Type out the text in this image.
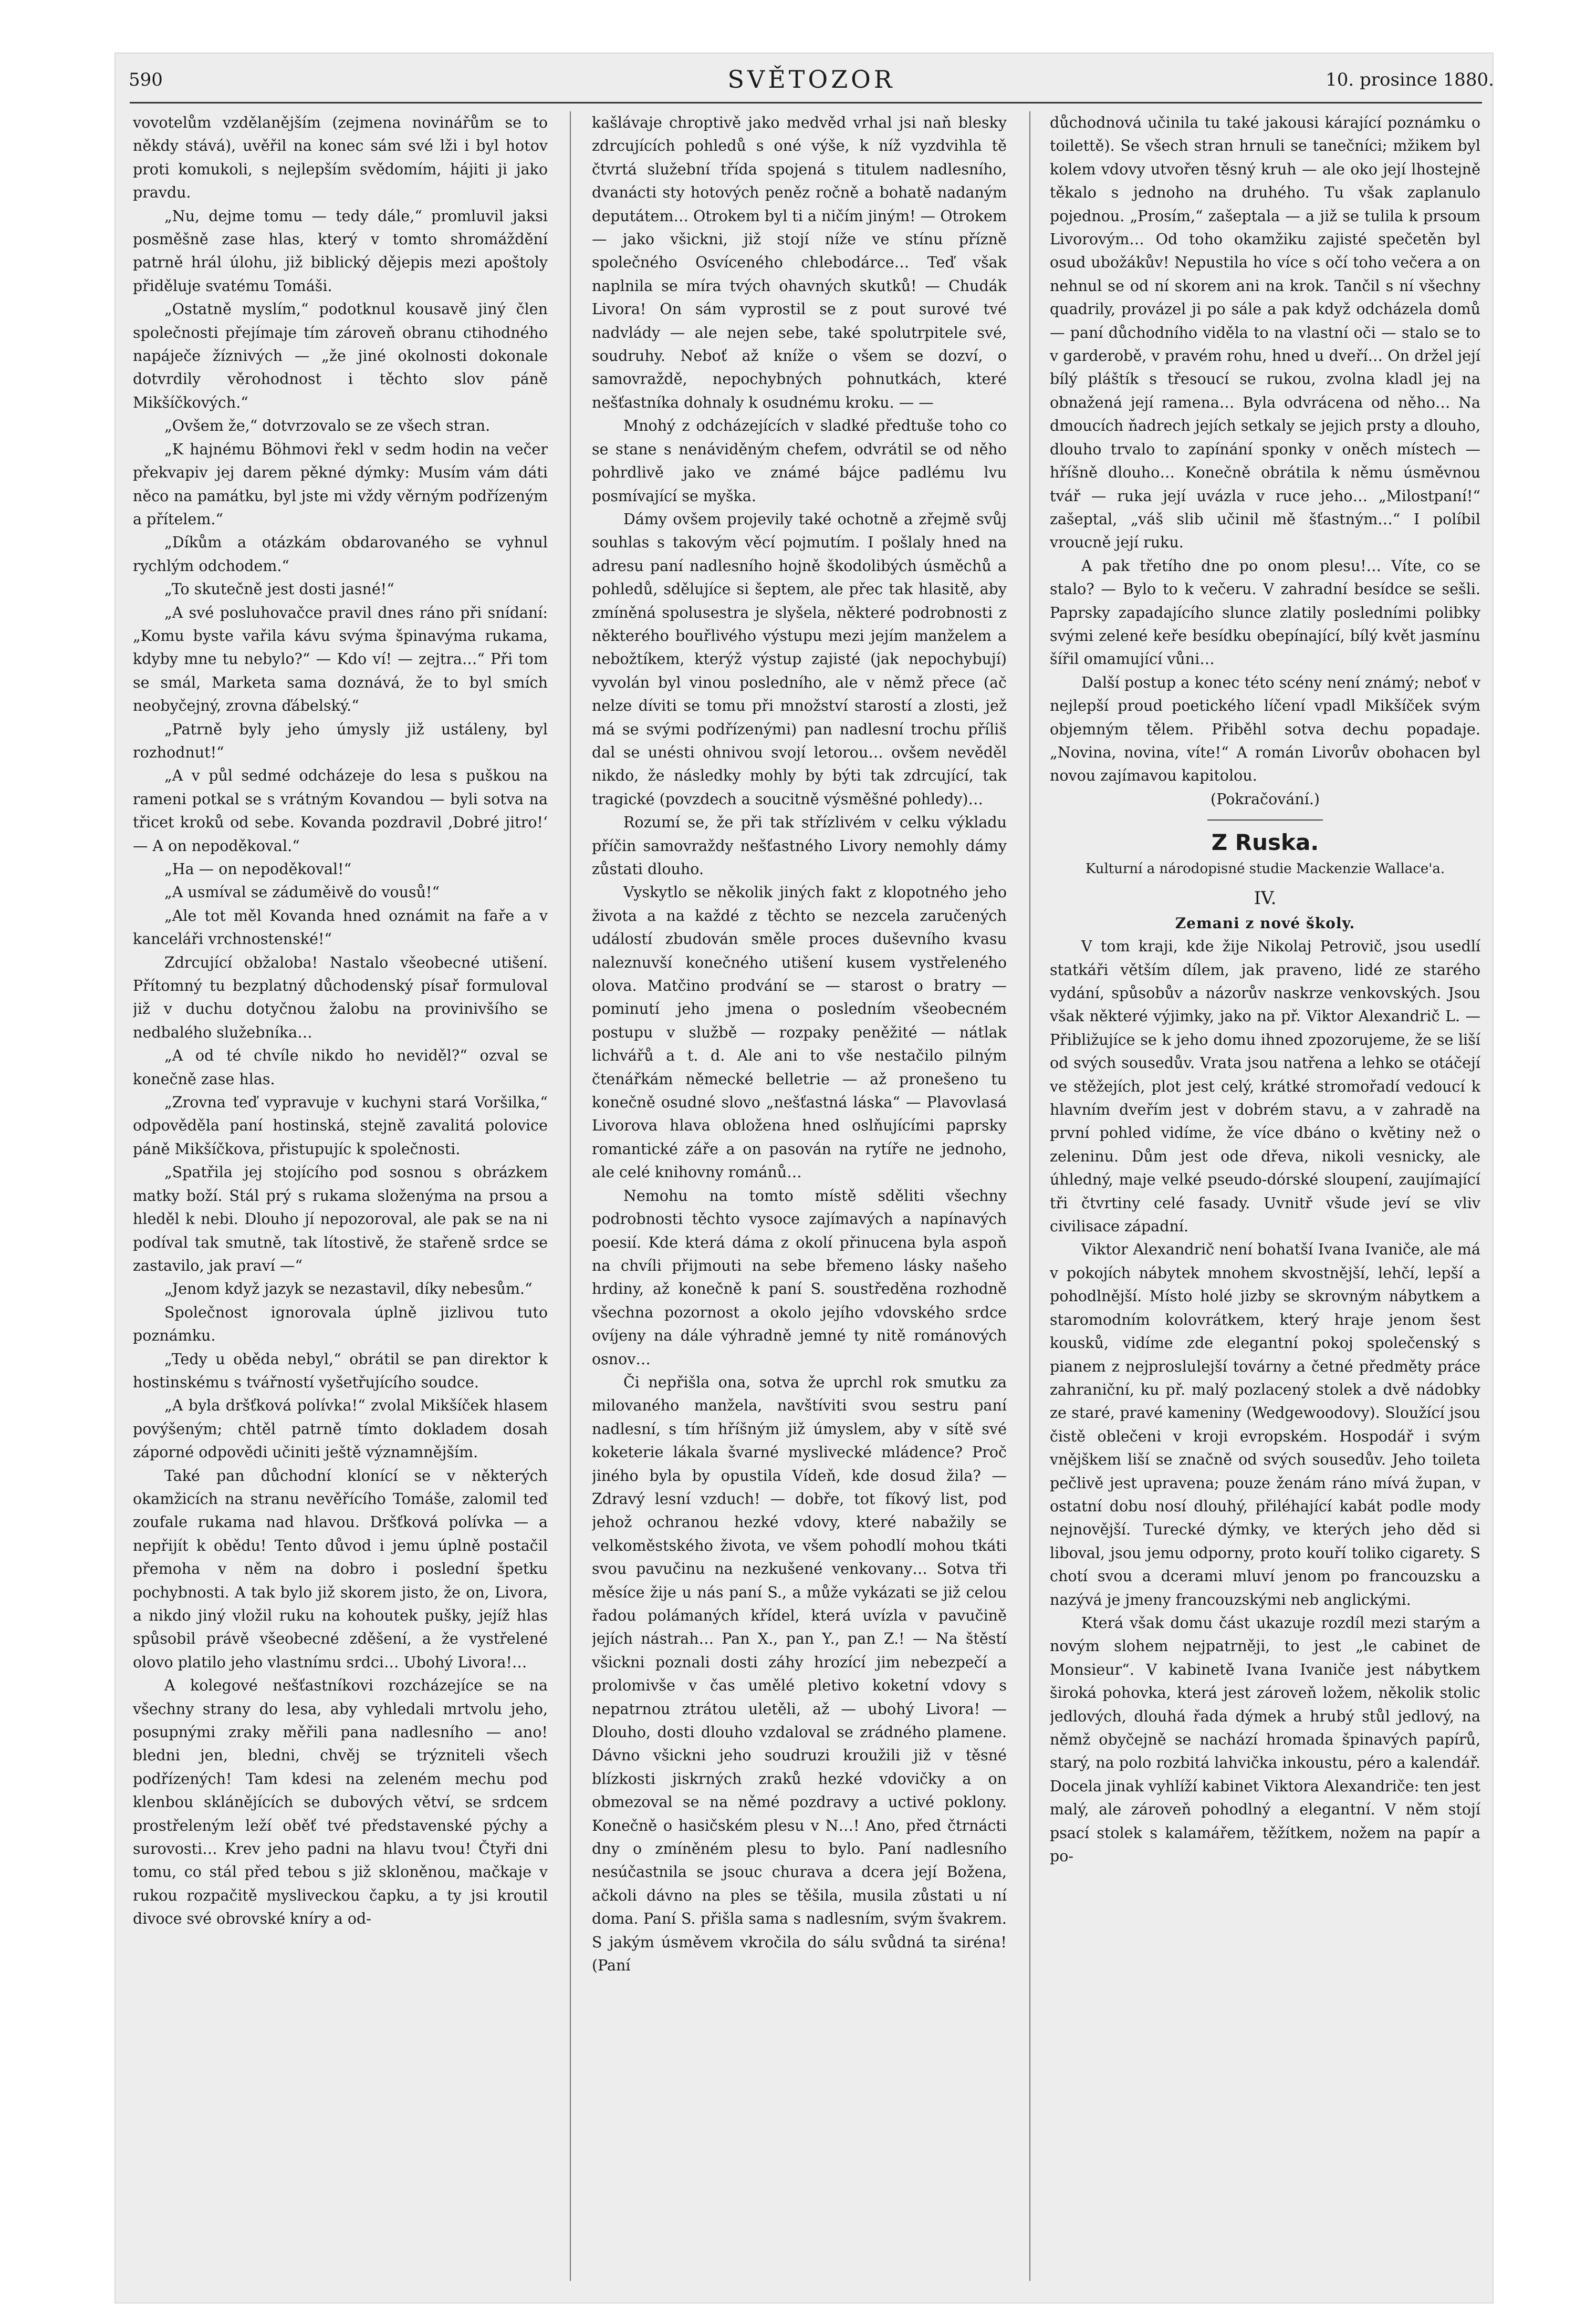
590	SVĚTOZOR	10. prosince 1880.

vovotelům vzdělanějším (zejmena novinářům se to někdy stává), uvěřil na konec sám své lži i byl hotov proti komukoli, s nejlepším svědomím, hájiti ji jako pravdu.

„Nu, dejme tomu — tedy dále,“ promluvil jaksi posměšně zase hlas, který v tomto shromáždění patrně hrál úlohu, již biblický dějepis mezi apoštoly přiděluje svatému Tomáši.

„Ostatně myslím,“ podotknul kousavě jiný člen společnosti přejímaje tím zároveň obranu ctihodného napáječe žíznivých — „že jiné okolnosti dokonale dotvrdily věrohodnost i těchto slov páně Mikšíčkových.“

„Ovšem že,“ dotvrzovalo se ze všech stran.

„K hajnému Böhmovi řekl v sedm hodin na večer překvapiv jej darem pěkné dýmky: Musím vám dáti něco na památku, byl jste mi vždy věrným podřízeným a přítelem.“

„Díkům a otázkám obdarovaného se vyhnul rychlým odchodem.“

„To skutečně jest dosti jasné!“

„A své posluhovačce pravil dnes ráno při snídaní: „Komu byste vařila kávu svýma špinavýma rukama, kdyby mne tu nebylo?“ — Kdo ví! — zejtra…“ Při tom se smál, Marketa sama doznává, že to byl smích neobyčejný, zrovna ďábelský.“

„Patrně byly jeho úmysly již ustáleny, byl rozhodnut!“

„A v půl sedmé odcházeje do lesa s puškou na rameni potkal se s vrátným Kovandou — byli sotva na třicet kroků od sebe. Kovanda pozdravil ‚Dobré jitro!‘ — A on nepoděkoval.“

„Ha — on nepoděkoval!“

„A usmíval se záduměivě do vousů!“

„Ale tot měl Kovanda hned oznámit na faře a v kanceláři vrchnostenské!“

Zdrcující obžaloba! Nastalo všeobecné utišení. Přítomný tu bezplatný důchodenský písař formuloval již v duchu dotyčnou žalobu na provinivšího se nedbalého služebníka…

„A od té chvíle nikdo ho neviděl?“ ozval se konečně zase hlas.

„Zrovna teď vypravuje v kuchyni stará Voršilka,“ odpověděla paní hostinská, stejně zavalitá polovice páně Mikšíčkova, přistupujíc k společnosti.

„Spatřila jej stojícího pod sosnou s obrázkem matky boží. Stál prý s rukama složenýma na prsou a hleděl k nebi. Dlouho jí nepozoroval, ale pak se na ni podíval tak smutně, tak lítostivě, že stařeně srdce se zastavilo, jak praví —“

„Jenom když jazyk se nezastavil, díky nebesům.“

Společnost ignorovala úplně jizlivou tuto poznámku.

„Tedy u oběda nebyl,“ obrátil se pan direktor k hostinskému s tvářností vyšetřujícího soudce.

„A byla dršťková polívka!“ zvolal Mikšíček hlasem povýšeným; chtěl patrně tímto dokladem dosah záporné odpovědi učiniti ještě významnějším.

Také pan důchodní klonící se v některých okamžicích na stranu nevěřícího Tomáše, zalomil teď zoufale rukama nad hlavou. Dršťková polívka — a nepřijít k obědu! Tento důvod i jemu úplně postačil přemoha v něm na dobro i poslední špetku pochybnosti. A tak bylo již skorem jisto, že on, Livora, a nikdo jiný vložil ruku na kohoutek pušky, jejíž hlas spůsobil právě všeobecné zděšení, a že vystřelené olovo platilo jeho vlastnímu srdci… Ubohý Livora!…

A kolegové nešťastníkovi rozcházejíce se na všechny strany do lesa, aby vyhledali mrtvolu jeho, posupnými zraky měřili pana nadlesního — ano! bledni jen, bledni, chvěj se trýzniteli všech podřízených! Tam kdesi na zeleném mechu pod klenbou sklánějících se dubových větví, se srdcem prostřeleným leží oběť tvé představenské pýchy a surovosti… Krev jeho padni na hlavu tvou! Čtyři dni tomu, co stál před tebou s již skloněnou, mačkaje v rukou rozpačitě mysliveckou čapku, a ty jsi kroutil divoce své obrovské kníry a od-

kašlávaje chroptivě jako medvěd vrhal jsi naň blesky zdrcujících pohledů s oné výše, k níž vyzdvihla tě čtvrtá služební třída spojená s titulem nadlesního, dvanácti sty hotových peněz ročně a bohatě nadaným deputátem… Otrokem byl ti a ničím jiným! — Otrokem — jako všickni, již stojí níže ve stínu přízně společného Osvíceného chlebodárce… Teď však naplnila se míra tvých ohavných skutků! — Chudák Livora! On sám vyprostil se z pout surové tvé nadvlády — ale nejen sebe, také spolutrpitele své, soudruhy. Neboť až kníže o všem se dozví, o samovraždě, nepochybných pohnutkách, které nešťastníka dohnaly k osudnému kroku. — —

Mnohý z odcházejících v sladké předtuše toho co se stane s nenáviděným chefem, odvrátil se od něho pohrdlivě jako ve známé bájce padlému lvu posmívající se myška.

Dámy ovšem projevily také ochotně a zřejmě svůj souhlas s takovým věcí pojmutím. I pošlaly hned na adresu paní nadlesního hojně škodolibých úsměchů a pohledů, sdělujíce si šeptem, ale přec tak hlasitě, aby zmíněná spolusestra je slyšela, některé podrobnosti z některého bouřlivého výstupu mezi jejím manželem a nebožtíkem, kterýž výstup zajisté (jak nepochybují) vyvolán byl vinou posledního, ale v němž přece (ač nelze díviti se tomu při množství starostí a zlosti, jež má se svými podřízenými) pan nadlesní trochu příliš dal se unésti ohnivou svojí letorou… ovšem nevěděl nikdo, že následky mohly by býti tak zdrcující, tak tragické (povzdech a soucitně výsměšné pohledy)…

Rozumí se, že při tak střízlivém v celku výkladu příčin samovraždy nešťastného Livory nemohly dámy zůstati dlouho.

Vyskytlo se několik jiných fakt z klopotného jeho života a na každé z těchto se nezcela zaručených událostí zbudován směle proces duševního kvasu naleznuvší konečného utišení kusem vystřeleného olova. Matčino prodvání se — starost o bratry — pominutí jeho jmena o posledním všeobecném postupu v službě — rozpaky peněžité — nátlak lichvářů a t. d. Ale ani to vše nestačilo pilným čtenářkám německé belletrie — až pronešeno tu konečně osudné slovo „nešťastná láska“ — Plavovlasá Livorova hlava obložena hned oslňujícími paprsky romantické záře a on pasován na rytíře ne jednoho, ale celé knihovny románů…

Nemohu na tomto místě sděliti všechny podrobnosti těchto vysoce zajímavých a napínavých poesií. Kde která dáma z okolí přinucena byla aspoň na chvíli přijmouti na sebe břemeno lásky našeho hrdiny, až konečně k paní S. soustředěna rozhodně všechna pozornost a okolo jejího vdovského srdce ovíjeny na dále výhradně jemné ty nitě románových osnov…

Či nepřišla ona, sotva že uprchl rok smutku za milovaného manžela, navštíviti svou sestru paní nadlesní, s tím hříšným již úmyslem, aby v sítě své koketerie lákala švarné myslivecké mládence? Proč jiného byla by opustila Vídeň, kde dosud žila? — Zdravý lesní vzduch! — dobře, tot fíkový list, pod jehož ochranou hezké vdovy, které nabažily se velkoměstského života, ve všem pohodlí mohou tkáti svou pavučinu na nezkušené venkovany… Sotva tři měsíce žije u nás paní S., a může vykázati se již celou řadou polámaných křídel, která uvízla v pavučině jejích nástrah… Pan X., pan Y., pan Z.! — Na štěstí všickni poznali dosti záhy hrozící jim nebezpečí a prolomivše v čas umělé pletivo koketní vdovy s nepatrnou ztrátou uletěli, až — ubohý Livora! — Dlouho, dosti dlouho vzdaloval se zrádného plamene. Dávno všickni jeho soudruzi kroužili již v těsné blízkosti jiskrných zraků hezké vdovičky a on obmezoval se na němé pozdravy a uctivé poklony. Konečně o hasičském plesu v N…! Ano, před čtrnácti dny o zmíněném plesu to bylo. Paní nadlesního nesúčastnila se jsouc churava a dcera její Božena, ačkoli dávno na ples se těšila, musila zůstati u ní doma. Paní S. přišla sama s nadlesním, svým švakrem. S jakým úsměvem vkročila do sálu svůdná ta siréna! (Paní

důchodnová učinila tu také jakousi kárající poznámku o toilettě). Se všech stran hrnuli se tanečníci; mžikem byl kolem vdovy utvořen těsný kruh — ale oko její lhostejně těkalo s jednoho na druhého. Tu však zaplanulo pojednou. „Prosím,“ zašeptala — a již se tulila k prsoum Livorovým… Od toho okamžiku zajisté spečetěn byl osud ubožákův! Nepustila ho více s očí toho večera a on nehnul se od ní skorem ani na krok. Tančil s ní všechny quadrily, provázel ji po sále a pak když odcházela domů — paní důchodního viděla to na vlastní oči — stalo se to v garderobě, v pravém rohu, hned u dveří… On držel její bílý pláštík s třesoucí se rukou, zvolna kladl jej na obnažená její ramena… Byla odvrácena od něho… Na dmoucích ňadrech jejích setkaly se jejich prsty a dlouho, dlouho trvalo to zapínání sponky v oněch místech — hříšně dlouho… Konečně obrátila k němu úsměvnou tvář — ruka její uvázla v ruce jeho… „Milostpaní!“ zašeptal, „váš slib učinil mě šťastným…“ I políbil vroucně její ruku.

A pak třetího dne po onom plesu!… Víte, co se stalo? — Bylo to k večeru. V zahradní besídce se sešli. Paprsky zapadajícího slunce zlatily posledními polibky svými zelené keře besídku obepínající, bílý květ jasmínu šířil omamující vůni…

Další postup a konec této scény není známý; neboť v nejlepší proud poetického líčení vpadl Mikšíček svým objemným tělem. Přiběhl sotva dechu popadaje. „Novina, novina, víte!“ A román Livorův obohacen byl novou zajímavou kapitolou.

(Pokračování.)

Z Ruska.

Kulturní a národopisné studie Mackenzie Wallace'a.

IV.

Zemani z nové školy.

V tom kraji, kde žije Nikolaj Petrovič, jsou usedlí statkáři větším dílem, jak praveno, lidé ze starého vydání, spůsobův a názorův naskrze venkovských. Jsou však některé výjimky, jako na př. Viktor Alexandrič L. — Přibližujíce se k jeho domu ihned zpozorujeme, že se liší od svých sousedův. Vrata jsou natřena a lehko se otáčejí ve stěžejích, plot jest celý, krátké stromořadí vedoucí k hlavním dveřím jest v dobrém stavu, a v zahradě na první pohled vidíme, že více dbáno o květiny než o zeleninu. Dům jest ode dřeva, nikoli vesnicky, ale úhledný, maje velké pseudo-dórské sloupení, zaujímající tři čtvrtiny celé fasady. Uvnitř všude jeví se vliv civilisace západní.

Viktor Alexandrič není bohatší Ivana Ivaniče, ale má v pokojích nábytek mnohem skvostnější, lehčí, lepší a pohodlnější. Místo holé jizby se skrovným nábytkem a staromodním kolovrátkem, který hraje jenom šest kousků, vidíme zde elegantní pokoj společenský s pianem z nejproslulejší továrny a četné předměty práce zahraniční, ku př. malý pozlacený stolek a dvě nádobky ze staré, pravé kameniny (Wedgewoodovy). Sloužící jsou čistě oblečeni v kroji evropském. Hospodář i svým vnějškem liší se značně od svých sousedův. Jeho toileta pečlivě jest upravena; pouze ženám ráno mívá župan, v ostatní dobu nosí dlouhý, přiléhající kabát podle mody nejnovější. Turecké dýmky, ve kterých jeho děd si liboval, jsou jemu odporny, proto kouří toliko cigarety. S chotí svou a dcerami mluví jenom po francouzsku a nazývá je jmeny francouzskými neb anglickými.

Která však domu část ukazuje rozdíl mezi starým a novým slohem nejpatrněji, to jest „le cabinet de Monsieur“. V kabinetě Ivana Ivaniče jest nábytkem široká pohovka, která jest zároveň ložem, několik stolic jedlových, dlouhá řada dýmek a hrubý stůl jedlový, na němž obyčejně se nachází hromada špinavých papírů, starý, na polo rozbitá lahvička inkoustu, péro a kalendář. Docela jinak vyhlíží kabinet Viktora Alexandriče: ten jest malý, ale zároveň pohodlný a elegantní. V něm stojí psací stolek s kalamářem, těžítkem, nožem na papír a po-
